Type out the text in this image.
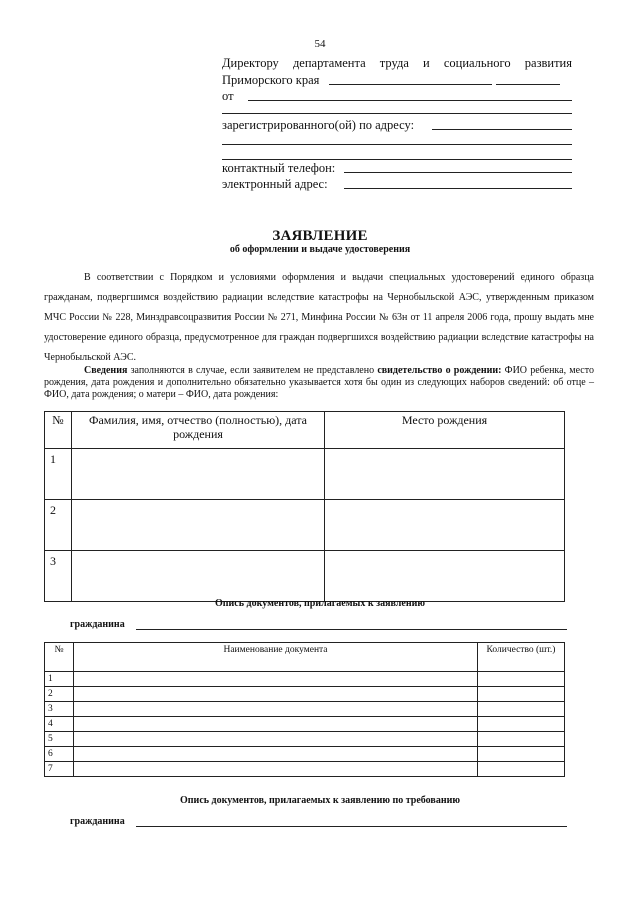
54
Директору департамента труда и социального развития
Приморского края
от
зарегистрированного(ой) по адресу:
контактный телефон:
электронный адрес:
ЗАЯВЛЕНИЕ
об оформлении и выдаче удостоверения

В соответствии с Порядком и условиями оформления и выдачи специальных удостоверений единого образца гражданам, подвергшимся воздействию радиации вследствие катастрофы на Чернобыльской АЭС, утвержденным приказом МЧС России № 228, Минздравсоцразвития России № 271, Минфина России № 63н от 11 апреля 2006 года, прошу выдать мне удостоверение единого образца, предусмотренное для граждан подвергшихся воздействию радиации вследствие катастрофы на Чернобыльской АЭС.

Сведения заполняются в случае, если заявителем не представлено свидетельство о рождении: ФИО ребенка, место рождения, дата рождения и дополнительно обязательно указывается хотя бы один из следующих наборов сведений: об отце – ФИО, дата рождения; о матери – ФИО, дата рождения:

№	Фамилия, имя, отчество (полностью), дата рождения	Место рождения
1		
2		
3		
Опись документов, прилагаемых к заявлению
гражданина
№	Наименование документа	Количество (шт.)
1		
2		
3		
4		
5		
6		
7		
Опись документов, прилагаемых к заявлению по требованию
гражданина
